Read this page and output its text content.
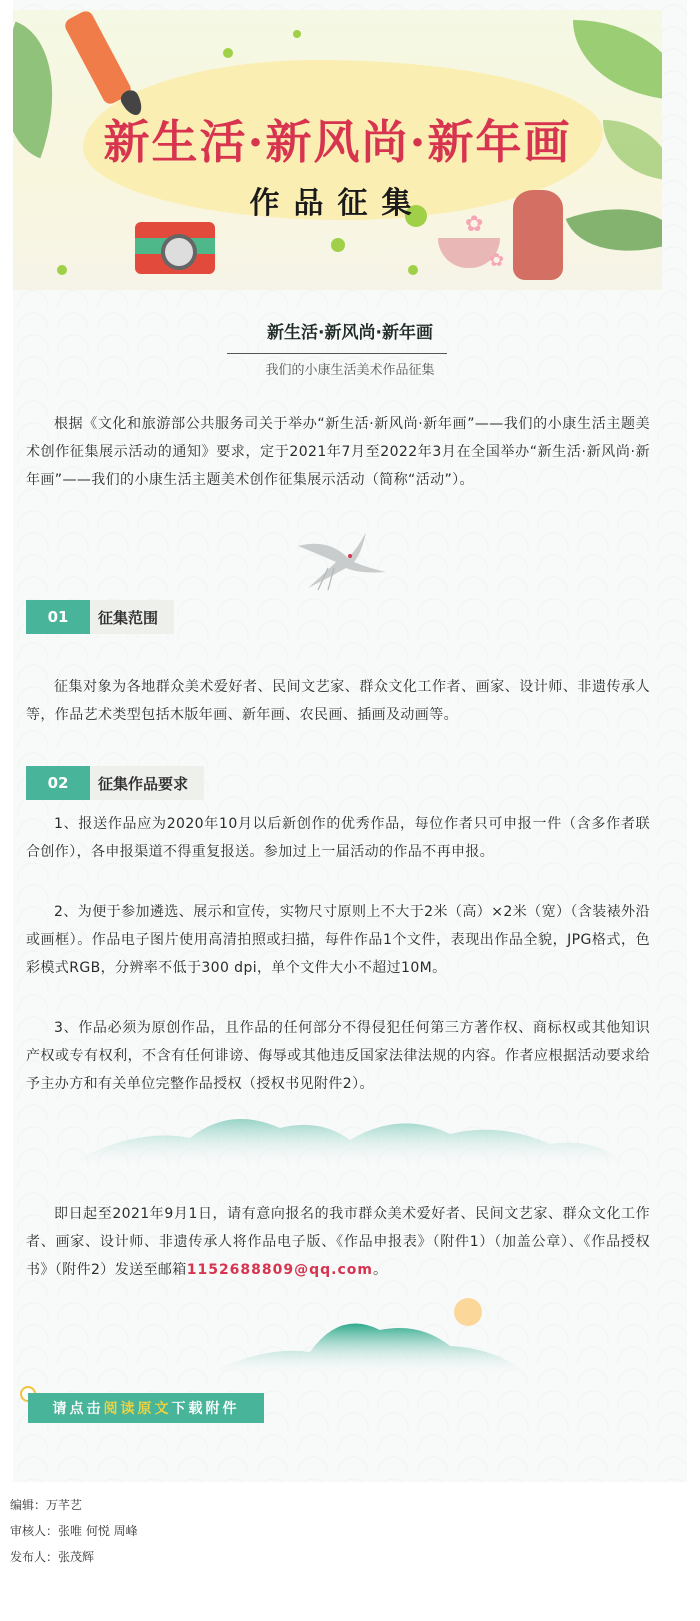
✿
✿
新生活·新风尚·新年画
作品征集
新生活·新风尚·新年画
我们的小康生活美术作品征集

根据《文化和旅游部公共服务司关于举办“新生活·新风尚·新年画”——我们的小康生活主题美术创作征集展示活动的通知》要求，定于2021年7月至2022年3月在全国举办“新生活·新风尚·新年画”——我们的小康生活主题美术创作征集展示活动（简称“活动”）。

01	征集范围

征集对象为各地群众美术爱好者、民间文艺家、群众文化工作者、画家、设计师、非遗传承人等，作品艺术类型包括木版年画、新年画、农民画、插画及动画等。

02	征集作品要求

1、报送作品应为2020年10月以后新创作的优秀作品，每位作者只可申报一件（含多作者联合创作），各申报渠道不得重复报送。参加过上一届活动的作品不再申报。

2、为便于参加遴选、展示和宣传，实物尺寸原则上不大于2米（高）×2米（宽）（含装裱外沿或画框）。作品电子图片使用高清拍照或扫描，每件作品1个文件，表现出作品全貌，JPG格式，色彩模式RGB，分辨率不低于300 dpi，单个文件大小不超过10M。

3、作品必须为原创作品，且作品的任何部分不得侵犯任何第三方著作权、商标权或其他知识产权或专有权利，不含有任何诽谤、侮辱或其他违反国家法律法规的内容。作者应根据活动要求给予主办方和有关单位完整作品授权（授权书见附件2）。

即日起至2021年9月1日，请有意向报名的我市群众美术爱好者、民间文艺家、群众文化工作者、画家、设计师、非遗传承人将作品电子版、《作品申报表》（附件1）（加盖公章）、《作品授权书》（附件2）发送至邮箱1152688809@qq.com。

请点击 阅读原文 下载附件
编辑：万芊艺
审核人：张唯 何悦 周峰
发布人：张茂辉
